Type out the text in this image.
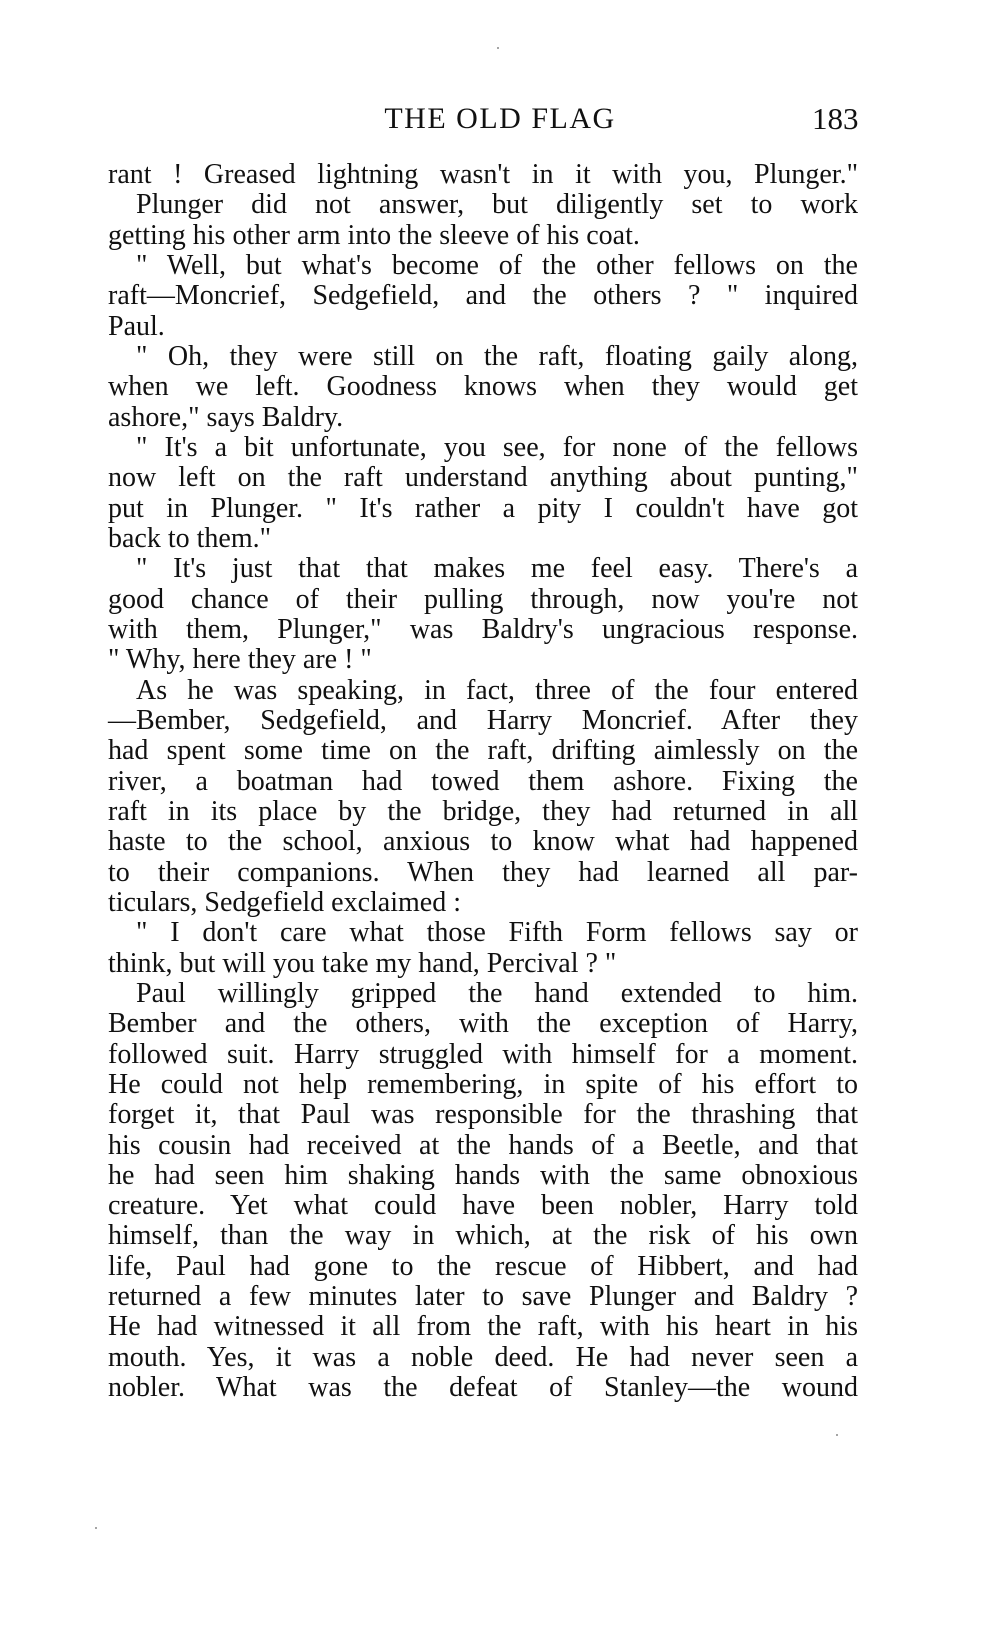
THE OLD FLAG	183
rant ! Greased lightning wasn't in it with you, Plunger."
Plunger did not answer, but diligently set to work
getting his other arm into the sleeve of his coat.
" Well, but what's become of the other fellows on the
raft—Moncrief, Sedgefield, and the others ? " inquired
Paul.
" Oh, they were still on the raft, floating gaily along,
when we left. Goodness knows when they would get
ashore," says Baldry.
" It's a bit unfortunate, you see, for none of the fellows
now left on the raft understand anything about punting,"
put in Plunger. " It's rather a pity I couldn't have got
back to them."
" It's just that that makes me feel easy. There's a
good chance of their pulling through, now you're not
with them, Plunger," was Baldry's ungracious response.
" Why, here they are ! "
As he was speaking, in fact, three of the four entered
—Bember, Sedgefield, and Harry Moncrief. After they
had spent some time on the raft, drifting aimlessly on the
river, a boatman had towed them ashore. Fixing the
raft in its place by the bridge, they had returned in all
haste to the school, anxious to know what had happened
to their companions. When they had learned all par-
ticulars, Sedgefield exclaimed :
" I don't care what those Fifth Form fellows say or
think, but will you take my hand, Percival ? "
Paul willingly gripped the hand extended to him.
Bember and the others, with the exception of Harry,
followed suit. Harry struggled with himself for a moment.
He could not help remembering, in spite of his effort to
forget it, that Paul was responsible for the thrashing that
his cousin had received at the hands of a Beetle, and that
he had seen him shaking hands with the same obnoxious
creature. Yet what could have been nobler, Harry told
himself, than the way in which, at the risk of his own
life, Paul had gone to the rescue of Hibbert, and had
returned a few minutes later to save Plunger and Baldry ?
He had witnessed it all from the raft, with his heart in his
mouth. Yes, it was a noble deed. He had never seen a
nobler. What was the defeat of Stanley—the wound
